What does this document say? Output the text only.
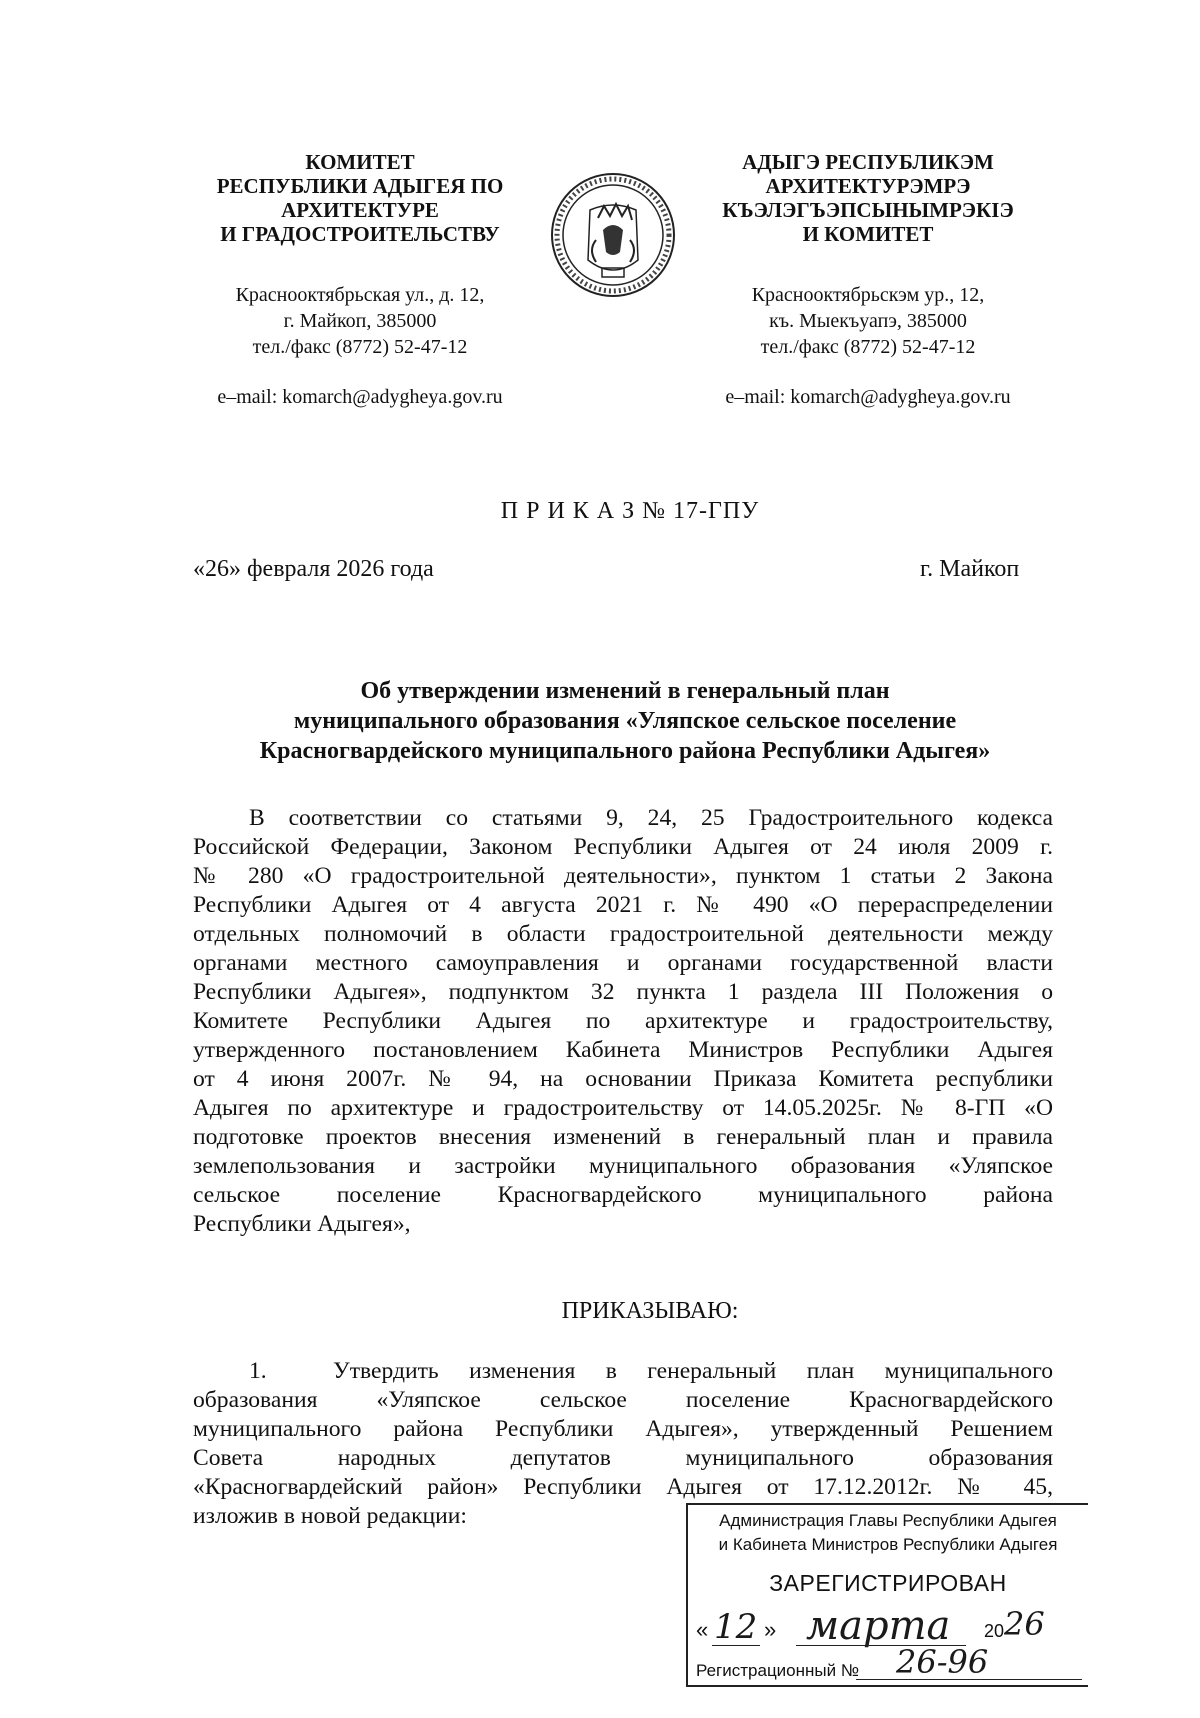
КОМИТЕТ
РЕСПУБЛИКИ АДЫГЕЯ ПО
АРХИТЕКТУРЕ
И ГРАДОСТРОИТЕЛЬСТВУ
Краснооктябрьская ул., д. 12,
г. Майкоп, 385000
тел./факс (8772) 52-47-12
e–mail: komarch@adygheya.gov.ru
АДЫГЭ РЕСПУБЛИКЭМ
АРХИТЕКТУРЭМРЭ
КЪЭЛЭГЪЭПСЫНЫМРЭКIЭ
И КОМИТЕТ
Краснооктябрьскэм ур., 12,
къ. Мыекъуапэ, 385000
тел./факс (8772) 52-47-12
e–mail: komarch@adygheya.gov.ru
П Р И К А З № 17-ГПУ
«26» февраля 2026 года	г. Майкоп
Об утверждении изменений в генеральный план
муниципального образования «Уляпское сельское поселение
Красногвардейского муниципального района Республики Адыгея»
В соответствии со статьями 9, 24, 25 Градостроительного кодекса
Российской Федерации, Законом Республики Адыгея от 24 июля 2009 г.
№ 280 «О градостроительной деятельности», пунктом 1 статьи 2 Закона
Республики Адыгея от 4 августа 2021 г. № 490 «О перераспределении
отдельных полномочий в области градостроительной деятельности между
органами местного самоуправления и органами государственной власти
Республики Адыгея», подпунктом 32 пункта 1 раздела III Положения о
Комитете Республики Адыгея по архитектуре и градостроительству,
утвержденного постановлением Кабинета Министров Республики Адыгея
от 4 июня 2007г. № 94, на основании Приказа Комитета республики
Адыгея по архитектуре и градостроительству от 14.05.2025г. № 8-ГП «О
подготовке проектов внесения изменений в генеральный план и правила
землепользования и застройки муниципального образования «Уляпское
сельское поселение Красногвардейского муниципального района
Республики Адыгея»,
ПРИКАЗЫВАЮ:
1.	Утвердить изменения в генеральный план муниципального
образования «Уляпское сельское поселение Красногвардейского
муниципального района Республики Адыгея», утвержденный Решением
Совета народных депутатов муниципального образования
«Красногвардейский район» Республики Адыгея от 17.12.2012г. № 45,
изложив в новой редакции:	Администрация Главы Республики Адыгея
и Кабинета Министров Республики Адыгея
ЗАРЕГИСТРИРОВАН
« 12 » марта 20 26
Регистрационный № 26-96
